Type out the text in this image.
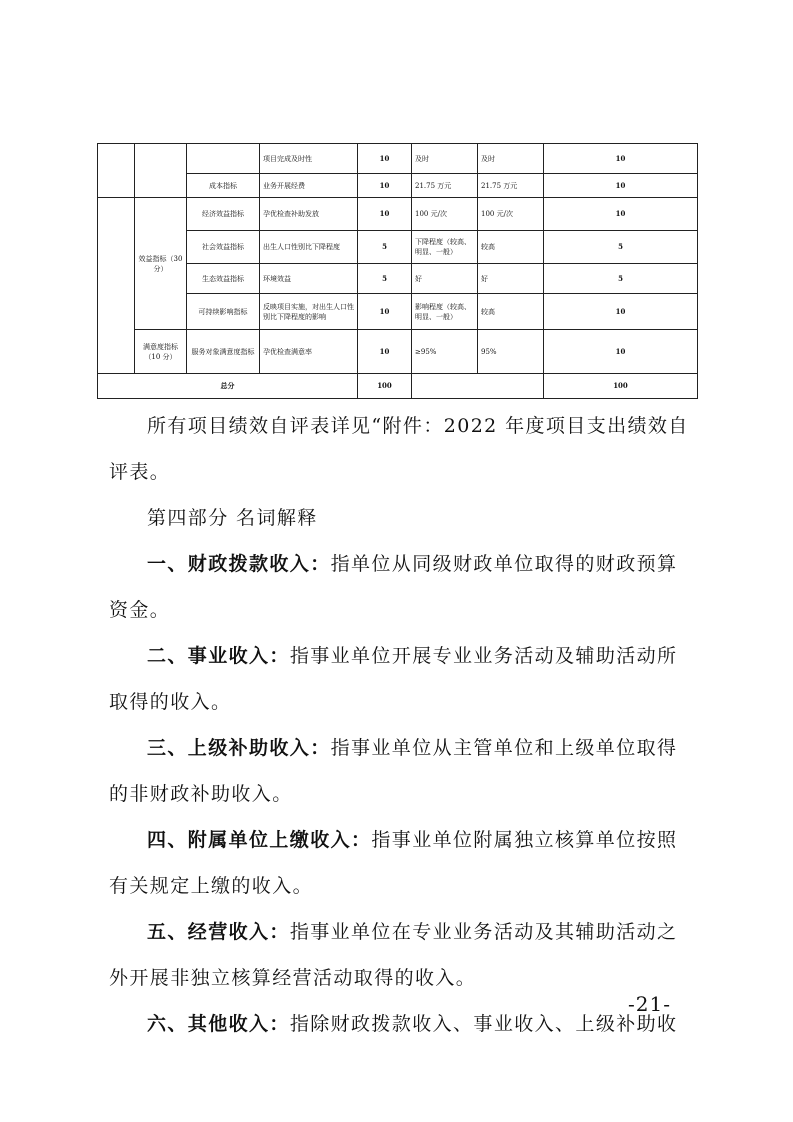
			项目完成及时性	10	及时	及时	10	
		成本指标	业务开展经费	10	21.75 万元	21.75 万元	10	
	效益指标（30 分）	经济效益指标	孕优检查补助发放	10	100 元/次	100 元/次	10	
		社会效益指标	出生人口性别比下降程度	5	下降程度（较高、明显、一般）	较高	5	
		生态效益指标	环境效益	5	好	好	5	
		可持续影响指标	反映项目实施，对出生人口性别比下降程度的影响	10	影响程度（较高、明显、一般）	较高	10	
	满意度指标（10 分）	服务对象满意度指标	孕优检查满意率	10	≥95%	95%	10	
总分				100			100	

所有项目绩效自评表详见“附件：2022 年度项目支出绩效自评表。

第四部分 名词解释

一、财政拨款收入：指单位从同级财政单位取得的财政预算资金。

二、事业收入：指事业单位开展专业业务活动及辅助活动所取得的收入。

三、上级补助收入：指事业单位从主管单位和上级单位取得的非财政补助收入。

四、附属单位上缴收入：指事业单位附属独立核算单位按照有关规定上缴的收入。

五、经营收入：指事业单位在专业业务活动及其辅助活动之外开展非独立核算经营活动取得的收入。

六、其他收入：指除财政拨款收入、事业收入、上级补助收

-21-
